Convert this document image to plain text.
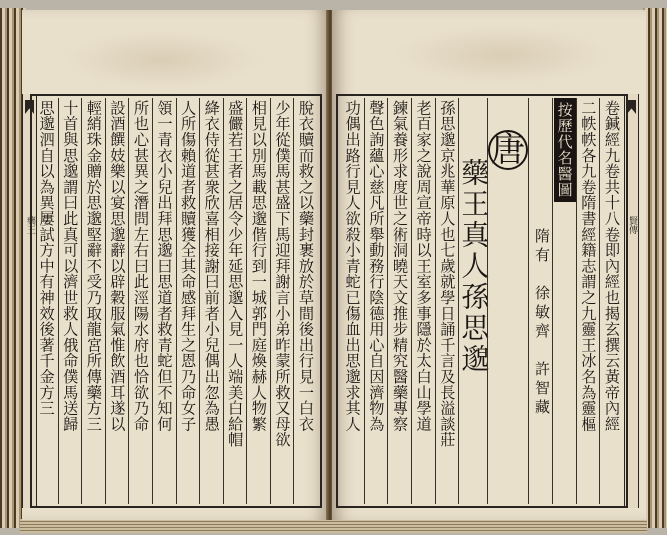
藥王	脫衣贖而救之以藥封裹放於草間後出行見一白衣
少年從僕馬甚盛下馬迎拜謝言小弟昨蒙所救又母欲
相見以別馬載思邈偕行到一城郭門庭煥赫人物繁
盛儼若王者之居令少年延思邈入見一人端美白給帽
絳衣侍從甚衆欣喜相接謝曰前者小兒偶出忽為愚
人所傷賴道者救贖獲全其命感拜生之恩乃命女子
領一青衣小兒出拜思邈曰思道者救青蛇但不知何
所也心甚異之潛問左右曰此涇陽水府也恰欲乃命
設酒饌妓樂以宴思邈辭以辟穀服氣惟飲酒耳遂以
輕綃珠金贈於思邈堅辭不受乃取龍宮所傳藥方三
十首與思邈謂曰此真可以濟世救人俄命僕馬送歸
思邈泗自以為異屢試方中有神效後著千金方三	賢傳
卷鍼經九卷共十八卷即內經也揭玄撰云黃帝內經
二帙帙各九卷隋書經籍志謂之九靈王冰名為靈樞
按歷代名醫圖
隋有　徐敏齊　許智藏
唐
藥王真人孫思邈
孫思邈京兆華原人也七歲就學日誦千言及長溢談莊
老百家之說周宣帝時以王室多事隱於太白山學道
鍊氣養形求度世之術洞曉天文推步精究醫藥專察
聲色詢蘊心慈凡所舉動務行陰德用心自因濟物為
功偶出路行見人欲殺小青蛇已傷血出思邈求其人
